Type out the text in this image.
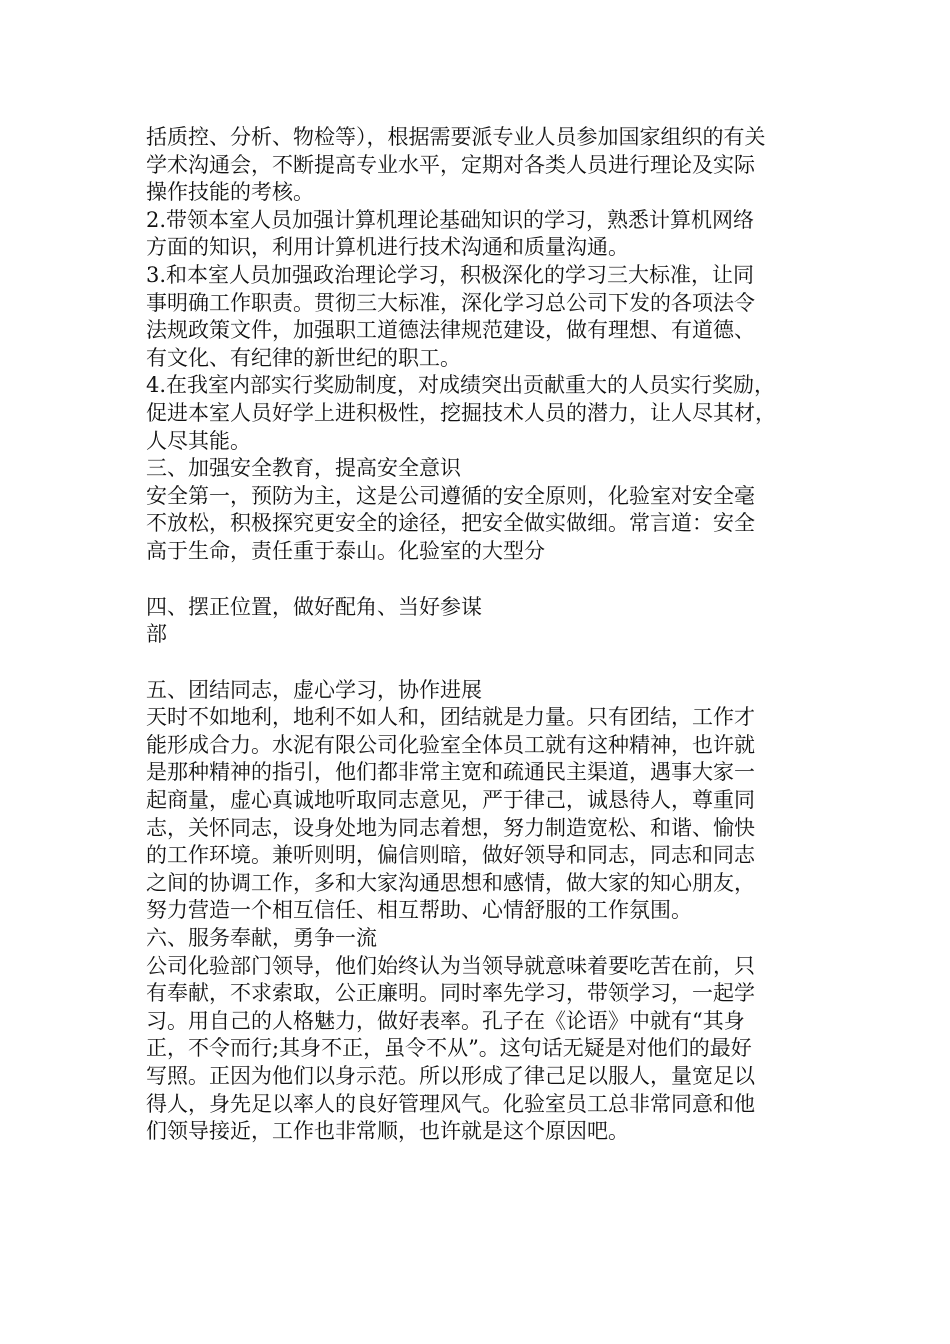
括质控、分析、物检等），根据需要派专业人员参加国家组织的有关
学术沟通会，不断提高专业水平，定期对各类人员进行理论及实际
操作技能的考核。
2.带领本室人员加强计算机理论基础知识的学习，熟悉计算机网络
方面的知识，利用计算机进行技术沟通和质量沟通。
3.和本室人员加强政治理论学习，积极深化的学习三大标准，让同
事明确工作职责。贯彻三大标准，深化学习总公司下发的各项法令
法规政策文件，加强职工道德法律规范建设，做有理想、有道德、
有文化、有纪律的新世纪的职工。
4.在我室内部实行奖励制度，对成绩突出贡献重大的人员实行奖励，
促进本室人员好学上进积极性，挖掘技术人员的潜力，让人尽其材，
人尽其能。
三、加强安全教育，提高安全意识
安全第一，预防为主，这是公司遵循的安全原则，化验室对安全毫
不放松，积极探究更安全的途径，把安全做实做细。常言道：安全
高于生命，责任重于泰山。化验室的大型分
四、摆正位置，做好配角、当好参谋
部
五、团结同志，虚心学习，协作进展
天时不如地利，地利不如人和，团结就是力量。只有团结，工作才
能形成合力。水泥有限公司化验室全体员工就有这种精神，也许就
是那种精神的指引，他们都非常主宽和疏通民主渠道，遇事大家一
起商量，虚心真诚地听取同志意见，严于律己，诚恳待人，尊重同
志，关怀同志，设身处地为同志着想，努力制造宽松、和谐、愉快
的工作环境。兼听则明，偏信则暗，做好领导和同志，同志和同志
之间的协调工作，多和大家沟通思想和感情，做大家的知心朋友，
努力营造一个相互信任、相互帮助、心情舒服的工作氛围。
六、服务奉献，勇争一流
公司化验部门领导，他们始终认为当领导就意味着要吃苦在前，只
有奉献，不求索取，公正廉明。同时率先学习，带领学习，一起学
习。用自己的人格魅力，做好表率。孔子在《论语》中就有“其身
正，不令而行;其身不正，虽令不从”。这句话无疑是对他们的最好
写照。正因为他们以身示范。所以形成了律己足以服人，量宽足以
得人，身先足以率人的良好管理风气。化验室员工总非常同意和他
们领导接近，工作也非常顺，也许就是这个原因吧。
